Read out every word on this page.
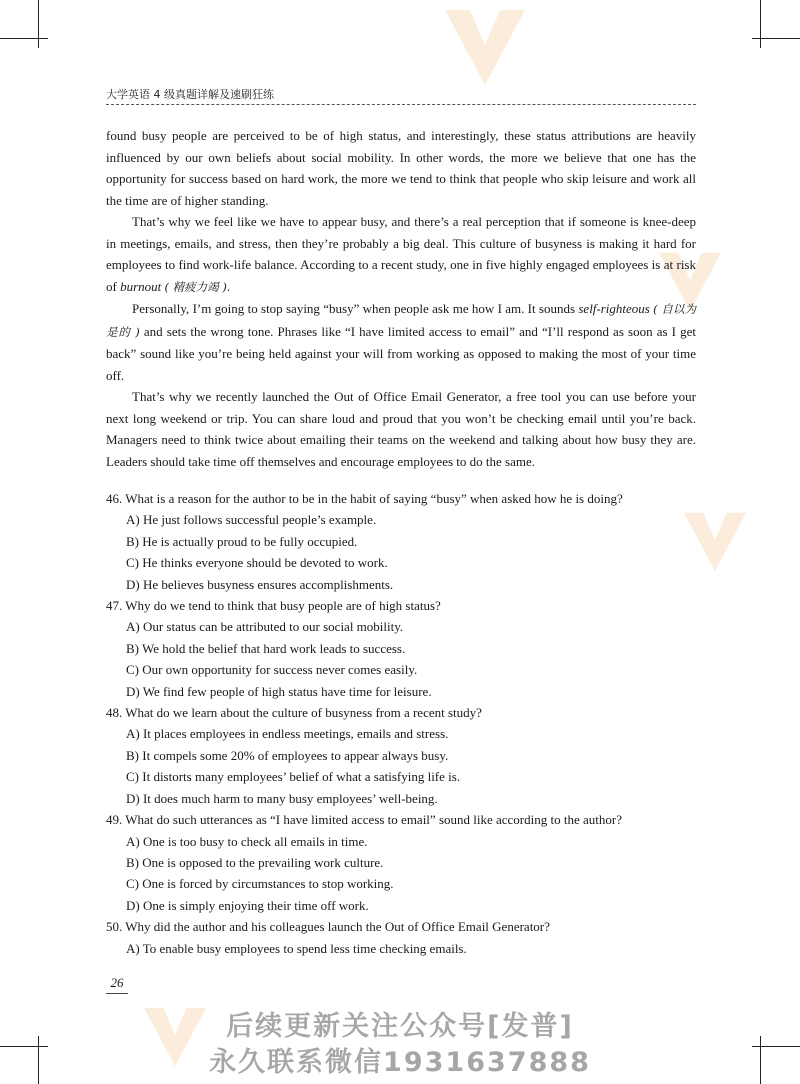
大学英语 4 级真题详解及速刷狂练

found busy people are perceived to be of high status, and interestingly, these status attributions are heavily influenced by our own beliefs about social mobility. In other words, the more we believe that one has the opportunity for success based on hard work, the more we tend to think that people who skip leisure and work all the time are of higher standing.

That’s why we feel like we have to appear busy, and there’s a real perception that if someone is knee-deep in meetings, emails, and stress, then they’re probably a big deal. This culture of busyness is making it hard for employees to find work-life balance. According to a recent study, one in five highly engaged employees is at risk of burnout ( 精疲力竭 ).

Personally, I’m going to stop saying “busy” when people ask me how I am. It sounds self-righteous ( 自以为是的 ) and sets the wrong tone. Phrases like “I have limited access to email” and “I’ll respond as soon as I get back” sound like you’re being held against your will from working as opposed to making the most of your time off.

That’s why we recently launched the Out of Office Email Generator, a free tool you can use before your next long weekend or trip. You can share loud and proud that you won’t be checking email until you’re back. Managers need to think twice about emailing their teams on the weekend and talking about how busy they are. Leaders should take time off themselves and encourage employees to do the same.

46. What is a reason for the author to be in the habit of saying “busy” when asked how he is doing?

A) He just follows successful people’s example.

B) He is actually proud to be fully occupied.

C) He thinks everyone should be devoted to work.

D) He believes busyness ensures accomplishments.

47. Why do we tend to think that busy people are of high status?

A) Our status can be attributed to our social mobility.

B) We hold the belief that hard work leads to success.

C) Our own opportunity for success never comes easily.

D) We find few people of high status have time for leisure.

48. What do we learn about the culture of busyness from a recent study?

A) It places employees in endless meetings, emails and stress.

B) It compels some 20% of employees to appear always busy.

C) It distorts many employees’ belief of what a satisfying life is.

D) It does much harm to many busy employees’ well-being.

49. What do such utterances as “I have limited access to email” sound like according to the author?

A) One is too busy to check all emails in time.

B) One is opposed to the prevailing work culture.

C) One is forced by circumstances to stop working.

D) One is simply enjoying their time off work.

50. Why did the author and his colleagues launch the Out of Office Email Generator?

A) To enable busy employees to spend less time checking emails.

26
后续更新关注公众号[发普]
永久联系微信1931637888
